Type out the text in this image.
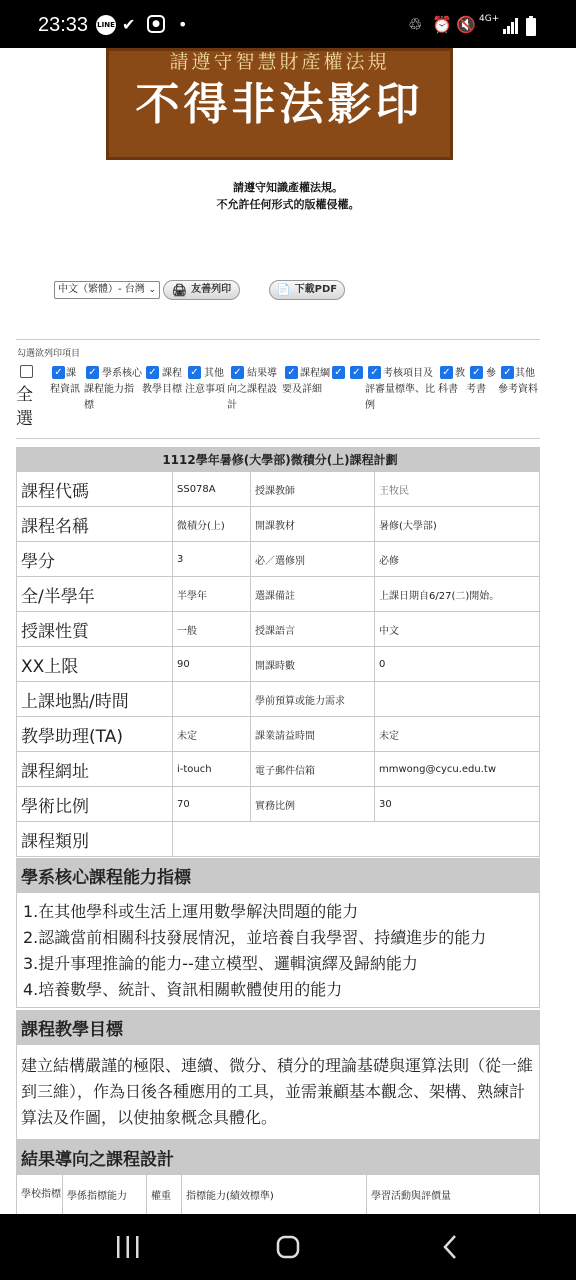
23:33 LINE ✔	●	•	♲ ⏰ 🔇 4G+
請遵守智慧財產權法規
不得非法影印
請遵守知識產權法規。
不允許任何形式的版權侵權。
中文（繁體）- 台灣 ⌄ 🖨 友善列印	📄 下載PDF
勾選欲列印項目
全選
✓ 課程資訊
✓ 學系核心課程能力指標
✓ 課程教學目標
✓ 其他注意事項
✓ 結果導向之課程設計
✓ 課程綱要及詳細
✓ ✓ ✓ 考核項目及評審量標準、比例
✓ 教科書
✓ 參考書
✓ 其他參考資料
1112學年暑修(大學部)微積分(上)課程計劃			
課程代碼	SS078A	授課教師	王牧民
課程名稱	微積分(上)	開課教材	暑修(大學部)
學分	3	必／選修別	必修
全/半學年	半學年	選課備註	上課日期自6/27(二)開始。
授課性質	一般	授課語言	中文
XX上限	90	開課時數	0
上課地點/時間		學前預算或能力需求	
教學助理(TA)	未定	課業請益時間	未定
課程網址	i-touch	電子郵件信箱	mmwong@cycu.edu.tw
學術比例	70	實務比例	30
課程類別			
學系核心課程能力指標

1.在其他學科或生活上運用數學解決問題的能力
2.認識當前相關科技發展情況，並培養自我學習、持續進步的能力
3.提升事理推論的能力--建立模型、邏輯演繹及歸納能力
4.培養數學、統計、資訊相關軟體使用的能力
課程教學目標
建立結構嚴謹的極限、連續、微分、積分的理論基礎與運算法則（從一維到三維），作為日後各種應用的工具，並需兼顧基本觀念、架構、熟練計算法及作圖，以使抽象概念具體化。
結果導向之課程設計
學校指標	學係指標能力	權重	指標能力(績效標準)	學習活動與評價量
